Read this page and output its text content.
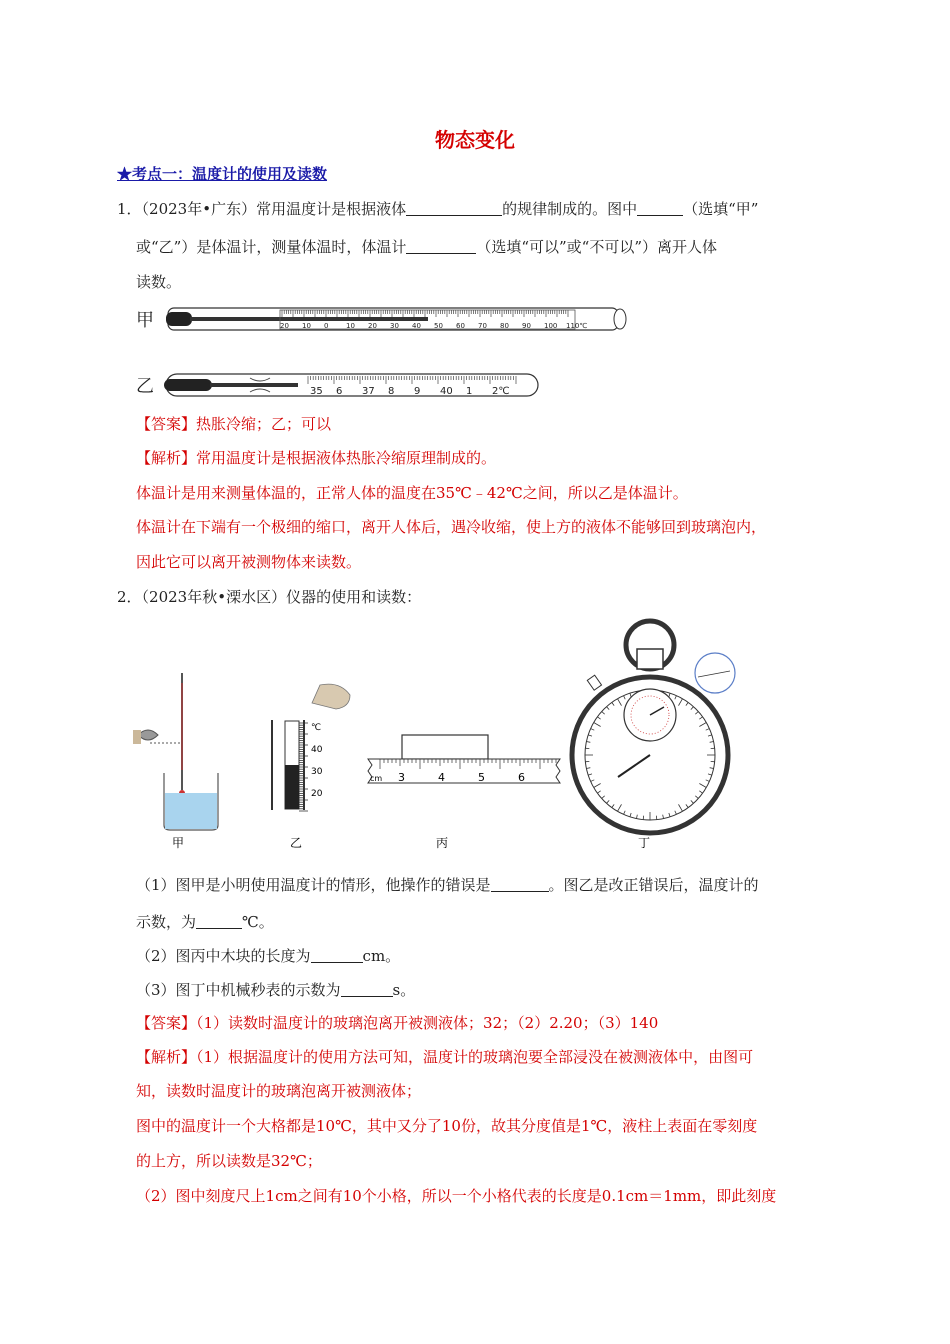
物态变化
★考点一：温度计的使用及读数
1．（2023年•广东）常用温度计是根据液体	的规律制成的。图中	（选填“甲”
或“乙”）是体温计，测量体温时，体温计	（选填“可以”或“不可以”）离开人体
读数。
甲
乙
20 10 0	10 20 30 40 50 60 70 80 90 100 110℃
35 6 37 8 9 40 1 2℃
【答案】热胀冷缩；乙；可以
【解析】常用温度计是根据液体热胀冷缩原理制成的。
体温计是用来测量体温的，正常人体的温度在35℃﹣42℃之间，所以乙是体温计。
体温计在下端有一个极细的缩口，离开人体后，遇冷收缩，使上方的液体不能够回到玻璃泡内，
因此它可以离开被测物体来读数。
2．（2023年秋•溧水区）仪器的使用和读数：
℃
40
30
20
cm 3	4	5	6
甲	乙	丙	丁
（1）图甲是小明使用温度计的情形，他操作的错误是	。图乙是改正错误后，温度计的
示数，为	℃。
（2）图丙中木块的长度为	cm。
（3）图丁中机械秒表的示数为	s。
【答案】（1）读数时温度计的玻璃泡离开被测液体；32；（2）2.20；（3）140
【解析】（1）根据温度计的使用方法可知，温度计的玻璃泡要全部浸没在被测液体中，由图可
知，读数时温度计的玻璃泡离开被测液体；
图中的温度计一个大格都是10℃，其中又分了10份，故其分度值是1℃，液柱上表面在零刻度
的上方，所以读数是32℃；
（2）图中刻度尺上1cm之间有10个小格，所以一个小格代表的长度是0.1cm＝1mm，即此刻度
